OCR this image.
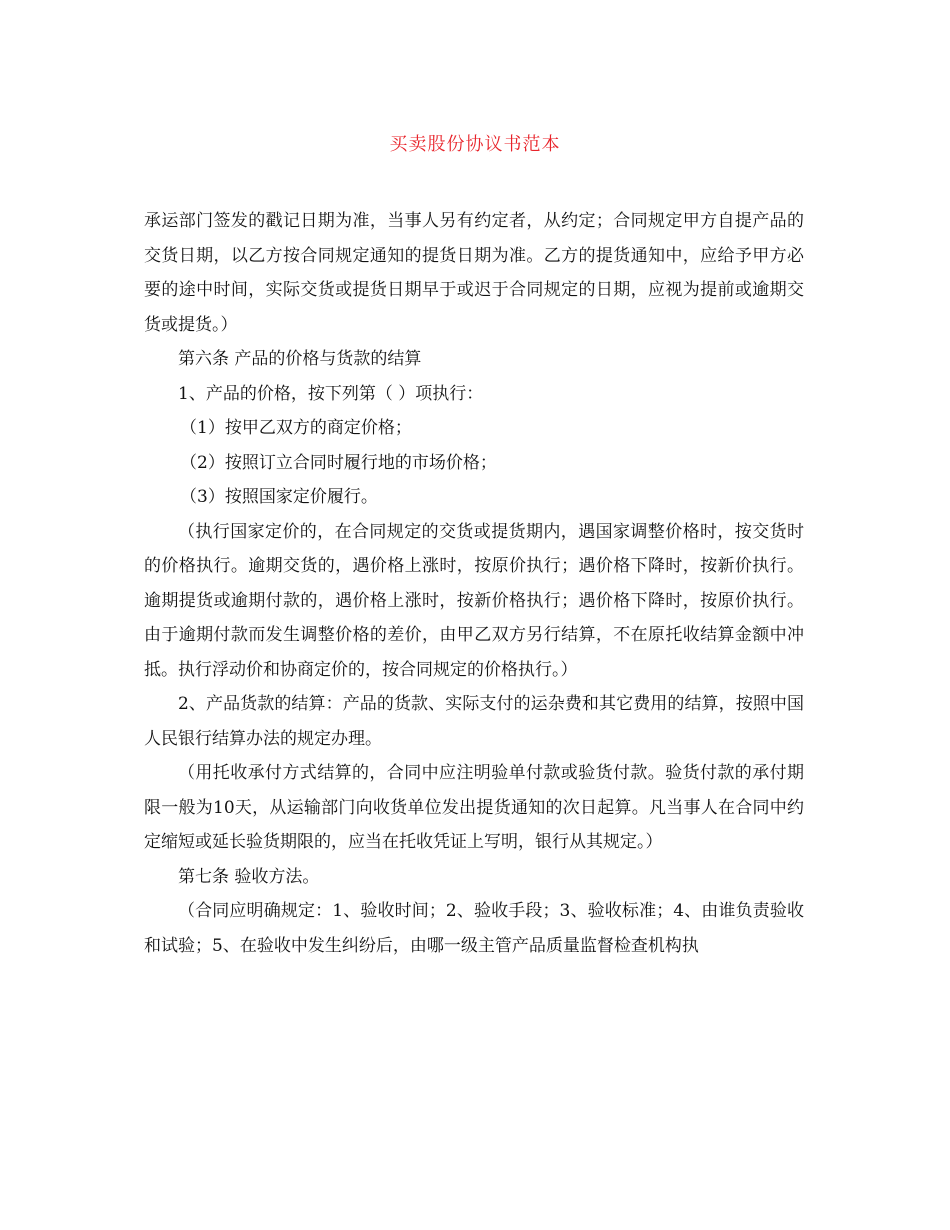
买卖股份协议书范本

承运部门签发的戳记日期为准，当事人另有约定者，从约定；合同规定甲方自提产品的交货日期，以乙方按合同规定通知的提货日期为准。乙方的提货通知中，应给予甲方必要的途中时间，实际交货或提货日期早于或迟于合同规定的日期，应视为提前或逾期交货或提货。）

第六条 产品的价格与货款的结算

1、产品的价格，按下列第（ ）项执行：

（1）按甲乙双方的商定价格；

（2）按照订立合同时履行地的市场价格；

（3）按照国家定价履行。

（执行国家定价的，在合同规定的交货或提货期内，遇国家调整价格时，按交货时的价格执行。逾期交货的，遇价格上涨时，按原价执行；遇价格下降时，按新价执行。逾期提货或逾期付款的，遇价格上涨时，按新价格执行；遇价格下降时，按原价执行。由于逾期付款而发生调整价格的差价，由甲乙双方另行结算，不在原托收结算金额中冲抵。执行浮动价和协商定价的，按合同规定的价格执行。）

2、产品货款的结算：产品的货款、实际支付的运杂费和其它费用的结算，按照中国人民银行结算办法的规定办理。

（用托收承付方式结算的，合同中应注明验单付款或验货付款。验货付款的承付期限一般为10天，从运输部门向收货单位发出提货通知的次日起算。凡当事人在合同中约定缩短或延长验货期限的，应当在托收凭证上写明，银行从其规定。）

第七条 验收方法。

（合同应明确规定：1、验收时间；2、验收手段；3、验收标准；4、由谁负责验收和试验；5、在验收中发生纠纷后，由哪一级主管产品质量监督检查机构执
